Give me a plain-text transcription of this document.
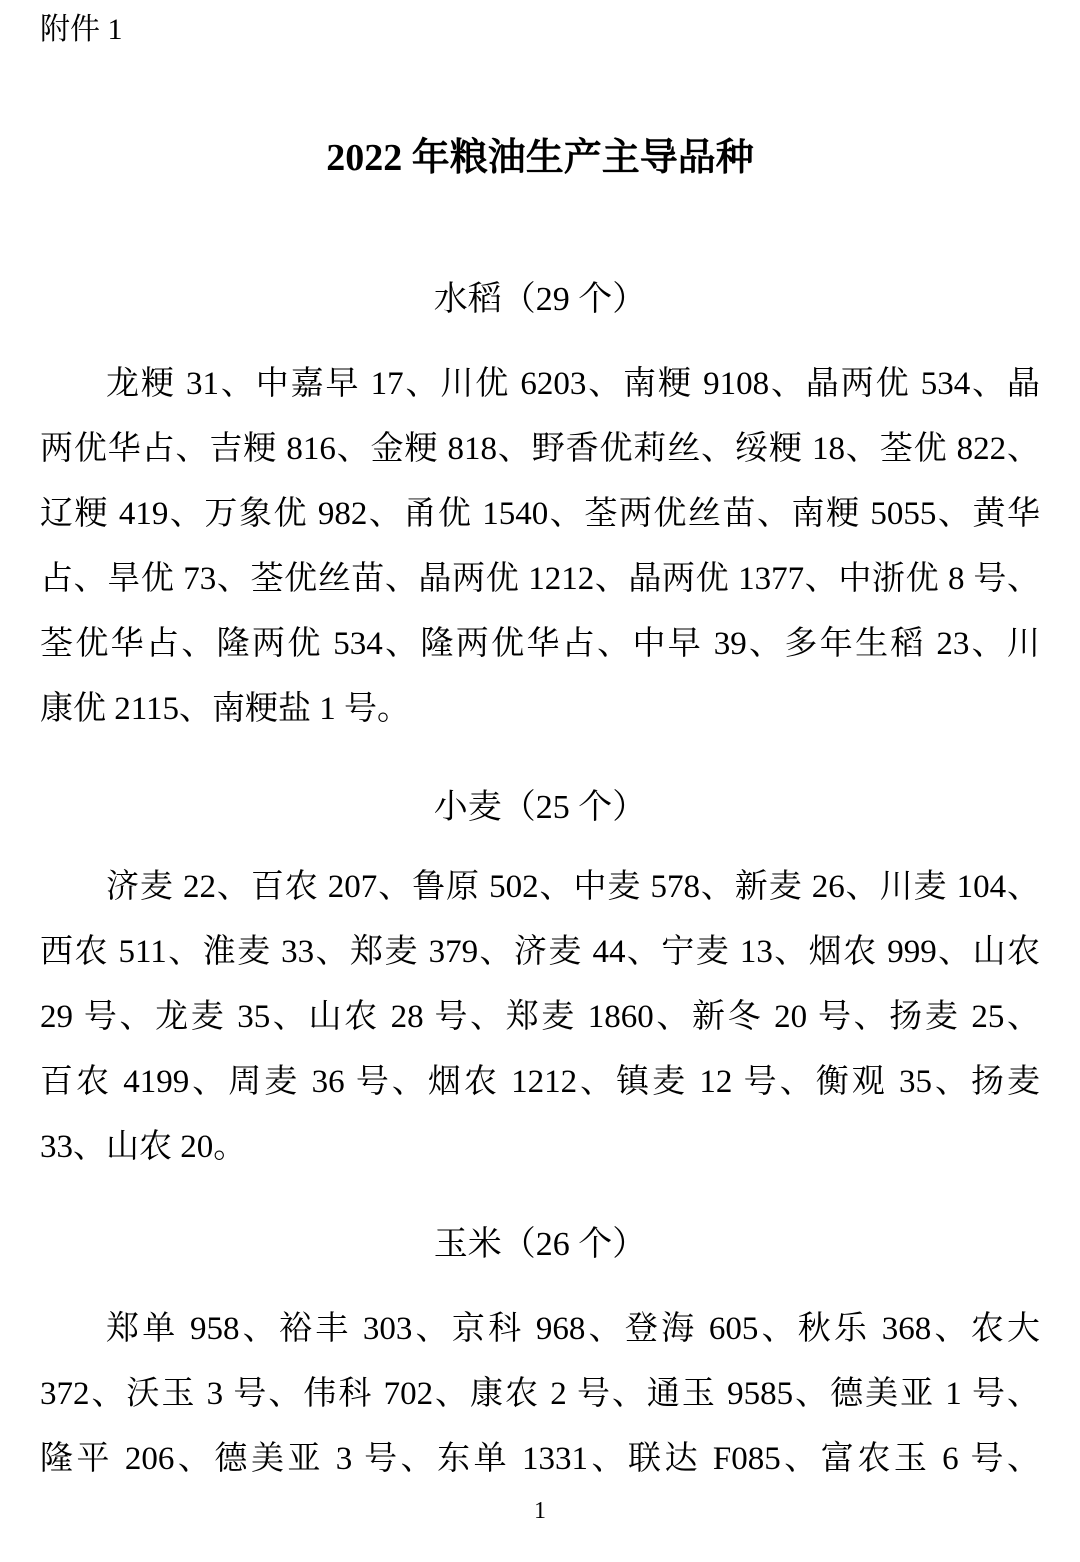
附件 1
2022 年粮油生产主导品种
水稻（29 个）
龙粳 31、中嘉早 17、川优 6203、南粳 9108、晶两优 534、晶
两优华占、吉粳 816、金粳 818、野香优莉丝、绥粳 18、荃优 822、
辽粳 419、万象优 982、甬优 1540、荃两优丝苗、南粳 5055、黄华
占、旱优 73、荃优丝苗、晶两优 1212、晶两优 1377、中浙优 8 号、
荃优华占、隆两优 534、隆两优华占、中早 39、多年生稻 23、川
康优 2115、南粳盐 1 号。
小麦（25 个）
济麦 22、百农 207、鲁原 502、中麦 578、新麦 26、川麦 104、
西农 511、淮麦 33、郑麦 379、济麦 44、宁麦 13、烟农 999、山农
29 号、龙麦 35、山农 28 号、郑麦 1860、新冬 20 号、扬麦 25、
百农 4199、周麦 36 号、烟农 1212、镇麦 12 号、衡观 35、扬麦
33、山农 20。
玉米（26 个）
郑单 958、裕丰 303、京科 968、登海 605、秋乐 368、农大
372、沃玉 3 号、伟科 702、康农 2 号、通玉 9585、德美亚 1 号、
隆平 206、德美亚 3 号、东单 1331、联达 F085、富农玉 6 号、
1
